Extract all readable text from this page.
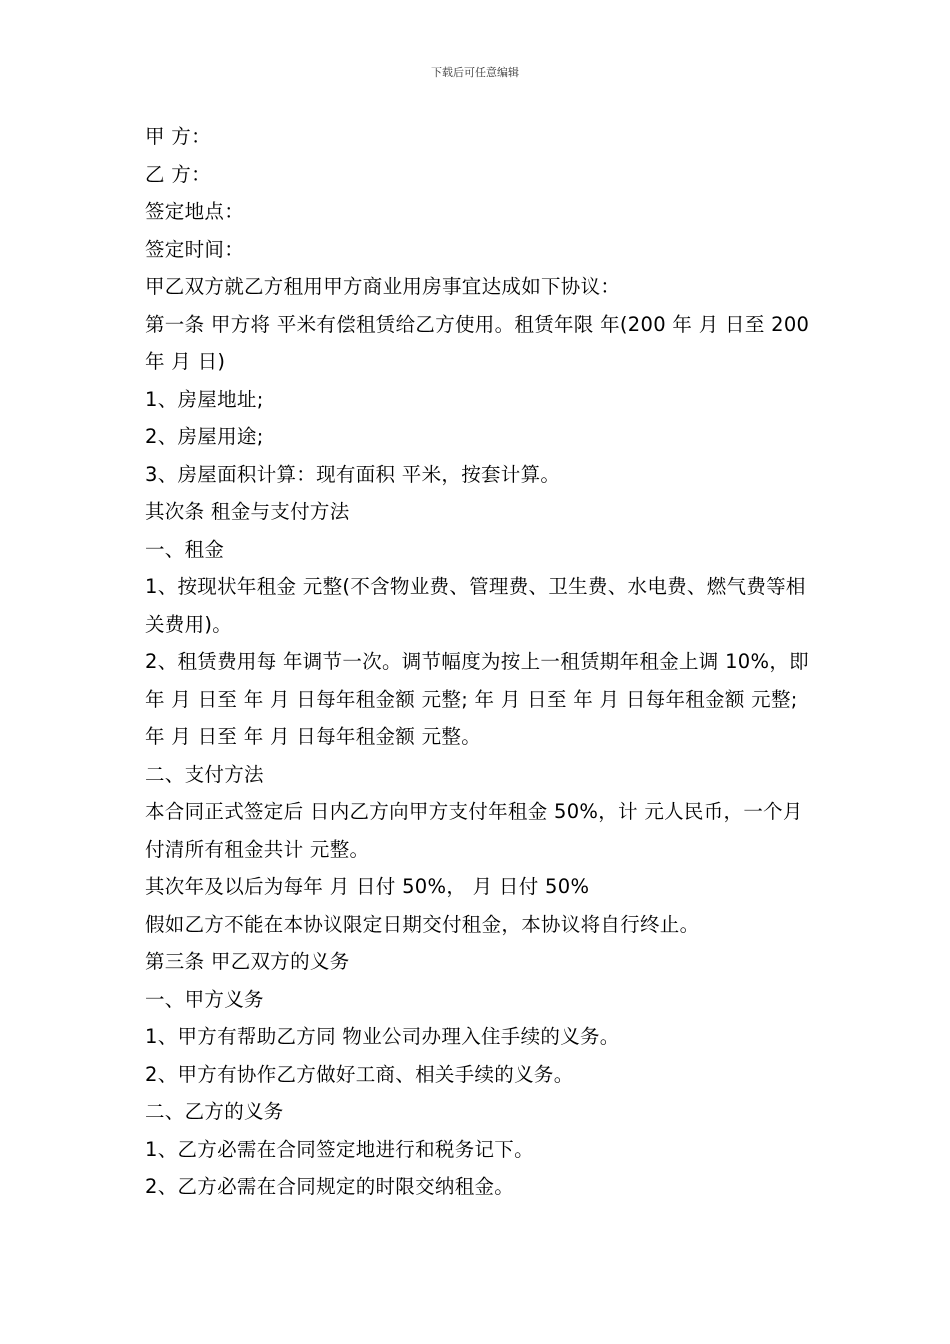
下载后可任意编辑

甲 方：

乙 方：

签定地点：

签定时间：

甲乙双方就乙方租用甲方商业用房事宜达成如下协议：

第一条 甲方将 平米有偿租赁给乙方使用。租赁年限 年(200 年 月 日至 200 年 月 日)

1、房屋地址;

2、房屋用途;

3、房屋面积计算：现有面积 平米，按套计算。

其次条 租金与支付方法

一、租金

1、按现状年租金 元整(不含物业费、管理费、卫生费、水电费、燃气费等相关费用)。

2、租赁费用每 年调节一次。调节幅度为按上一租赁期年租金上调 10%，即 年 月 日至 年 月 日每年租金额 元整; 年 月 日至 年 月 日每年租金额 元整; 年 月 日至 年 月 日每年租金额 元整。

二、支付方法

本合同正式签定后 日内乙方向甲方支付年租金 50%，计 元人民币，一个月付清所有租金共计 元整。

其次年及以后为每年 月 日付 50%， 月 日付 50%

假如乙方不能在本协议限定日期交付租金，本协议将自行终止。

第三条 甲乙双方的义务

一、甲方义务

1、甲方有帮助乙方同 物业公司办理入住手续的义务。

2、甲方有协作乙方做好工商、相关手续的义务。

二、乙方的义务

1、乙方必需在合同签定地进行和税务记下。

2、乙方必需在合同规定的时限交纳租金。
